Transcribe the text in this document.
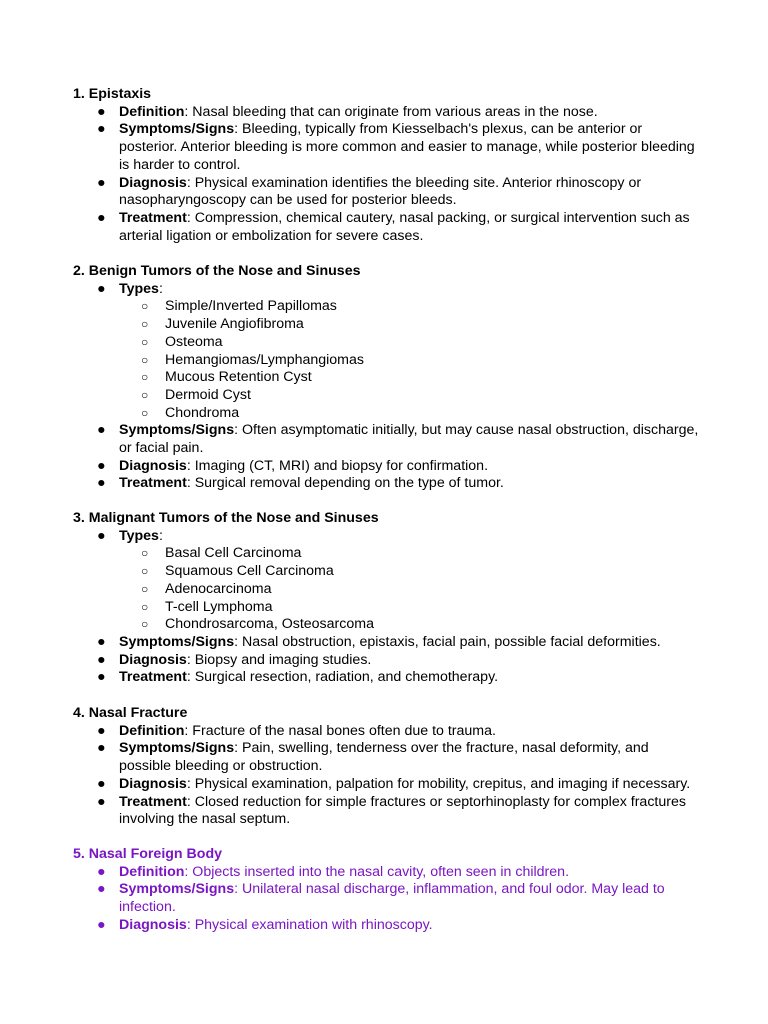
1. Epistaxis
● Definition: Nasal bleeding that can originate from various areas in the nose.
● Symptoms/Signs: Bleeding, typically from Kiesselbach's plexus, can be anterior or posterior. Anterior bleeding is more common and easier to manage, while posterior bleeding is harder to control.
● Diagnosis: Physical examination identifies the bleeding site. Anterior rhinoscopy or nasopharyngoscopy can be used for posterior bleeds.
● Treatment: Compression, chemical cautery, nasal packing, or surgical intervention such as arterial ligation or embolization for severe cases.
2. Benign Tumors of the Nose and Sinuses
● Types:
○ Simple/Inverted Papillomas
○ Juvenile Angiofibroma
○ Osteoma
○ Hemangiomas/Lymphangiomas
○ Mucous Retention Cyst
○ Dermoid Cyst
○ Chondroma
● Symptoms/Signs: Often asymptomatic initially, but may cause nasal obstruction, discharge, or facial pain.
● Diagnosis: Imaging (CT, MRI) and biopsy for confirmation.
● Treatment: Surgical removal depending on the type of tumor.
3. Malignant Tumors of the Nose and Sinuses
● Types:
○ Basal Cell Carcinoma
○ Squamous Cell Carcinoma
○ Adenocarcinoma
○ T-cell Lymphoma
○ Chondrosarcoma, Osteosarcoma
● Symptoms/Signs: Nasal obstruction, epistaxis, facial pain, possible facial deformities.
● Diagnosis: Biopsy and imaging studies.
● Treatment: Surgical resection, radiation, and chemotherapy.
4. Nasal Fracture
● Definition: Fracture of the nasal bones often due to trauma.
● Symptoms/Signs: Pain, swelling, tenderness over the fracture, nasal deformity, and possible bleeding or obstruction.
● Diagnosis: Physical examination, palpation for mobility, crepitus, and imaging if necessary.
● Treatment: Closed reduction for simple fractures or septorhinoplasty for complex fractures involving the nasal septum.
5. Nasal Foreign Body
● Definition: Objects inserted into the nasal cavity, often seen in children.
● Symptoms/Signs: Unilateral nasal discharge, inflammation, and foul odor. May lead to infection.
● Diagnosis: Physical examination with rhinoscopy.
